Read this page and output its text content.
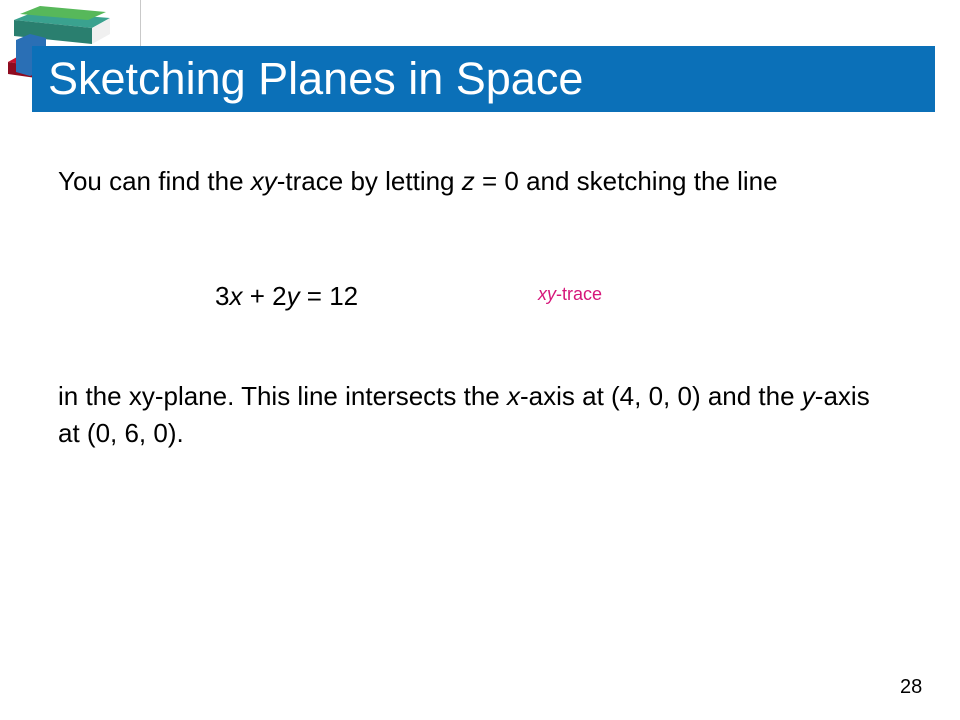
Sketching Planes in Space

You can find the xy-trace by letting z = 0 and sketching the line

3x + 2y = 12	xy-trace

in the xy-plane. This line intersects the x-axis at (4, 0, 0) and the y-axis at (0, 6, 0).

28
